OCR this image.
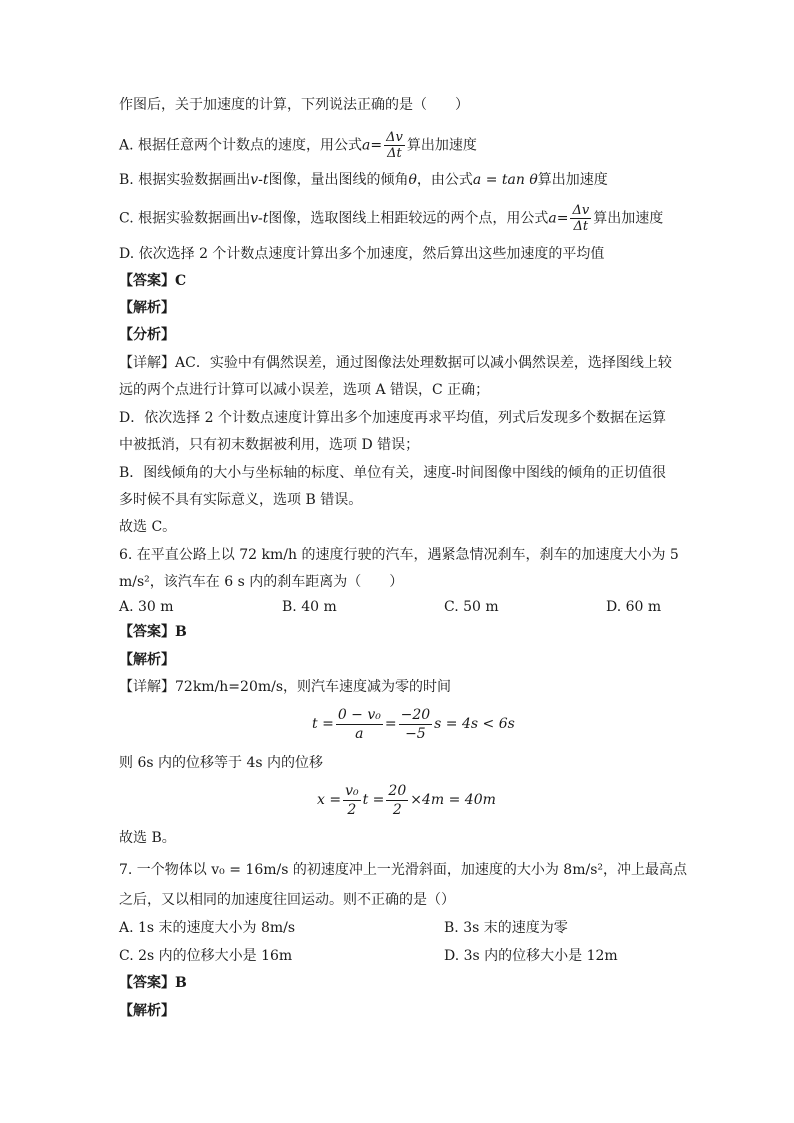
作图后，关于加速度的计算，下列说法正确的是（　　）
A. 根据任意两个计数点的速度，用公式$a= \frac{\Delta v}{\Delta t}$ 算出加速度
B. 根据实验数据画出v-t图像，量出图线的倾角θ，由公式a = tan θ算出加速度
C. 根据实验数据画出v-t图像，选取图线上相距较远的两个点，用公式$a= \frac{\Delta v}{\Delta t}$ 算出加速度
D. 依次选择 2 个计数点速度计算出多个加速度，然后算出这些加速度的平均值
【答案】C
【解析】
【分析】
【详解】AC．实验中有偶然误差，通过图像法处理数据可以减小偶然误差，选择图线上较
远的两个点进行计算可以减小误差，选项 A 错误，C 正确；
D．依次选择 2 个计数点速度计算出多个加速度再求平均值，列式后发现多个数据在运算
中被抵消，只有初末数据被利用，选项 D 错误；
B．图线倾角的大小与坐标轴的标度、单位有关，速度-时间图像中图线的倾角的正切值很
多时候不具有实际意义，选项 B 错误。
故选 C。
6. 在平直公路上以 72 km/h 的速度行驶的汽车，遇紧急情况刹车，刹车的加速度大小为 5
m/s²，该汽车在 6 s 内的刹车距离为（　　）
A. 30 m	B. 40 m	C. 50 m	D. 60 m
【答案】B
【解析】
【详解】72km/h=20m/s，则汽车速度减为零的时间
$t = \frac{\text{0 − v₀}}{a} = \frac{-20}{-5}$ s = 4s < 6s
则 6s 内的位移等于 4s 内的位移
$x = \frac{\text{v₀}}{2}$ $t = \frac{20}{2} \times 4m = 40m$
故选 B。
7. 一个物体以 v₀ = 16m/s 的初速度冲上一光滑斜面，加速度的大小为 8m/s²，冲上最高点
之后，又以相同的加速度往回运动。则不正确的是（）
A. 1s 末的速度大小为 8m/s	B. 3s 末的速度为零
C. 2s 内的位移大小是 16m	D. 3s 内的位移大小是 12m
【答案】B
【解析】
